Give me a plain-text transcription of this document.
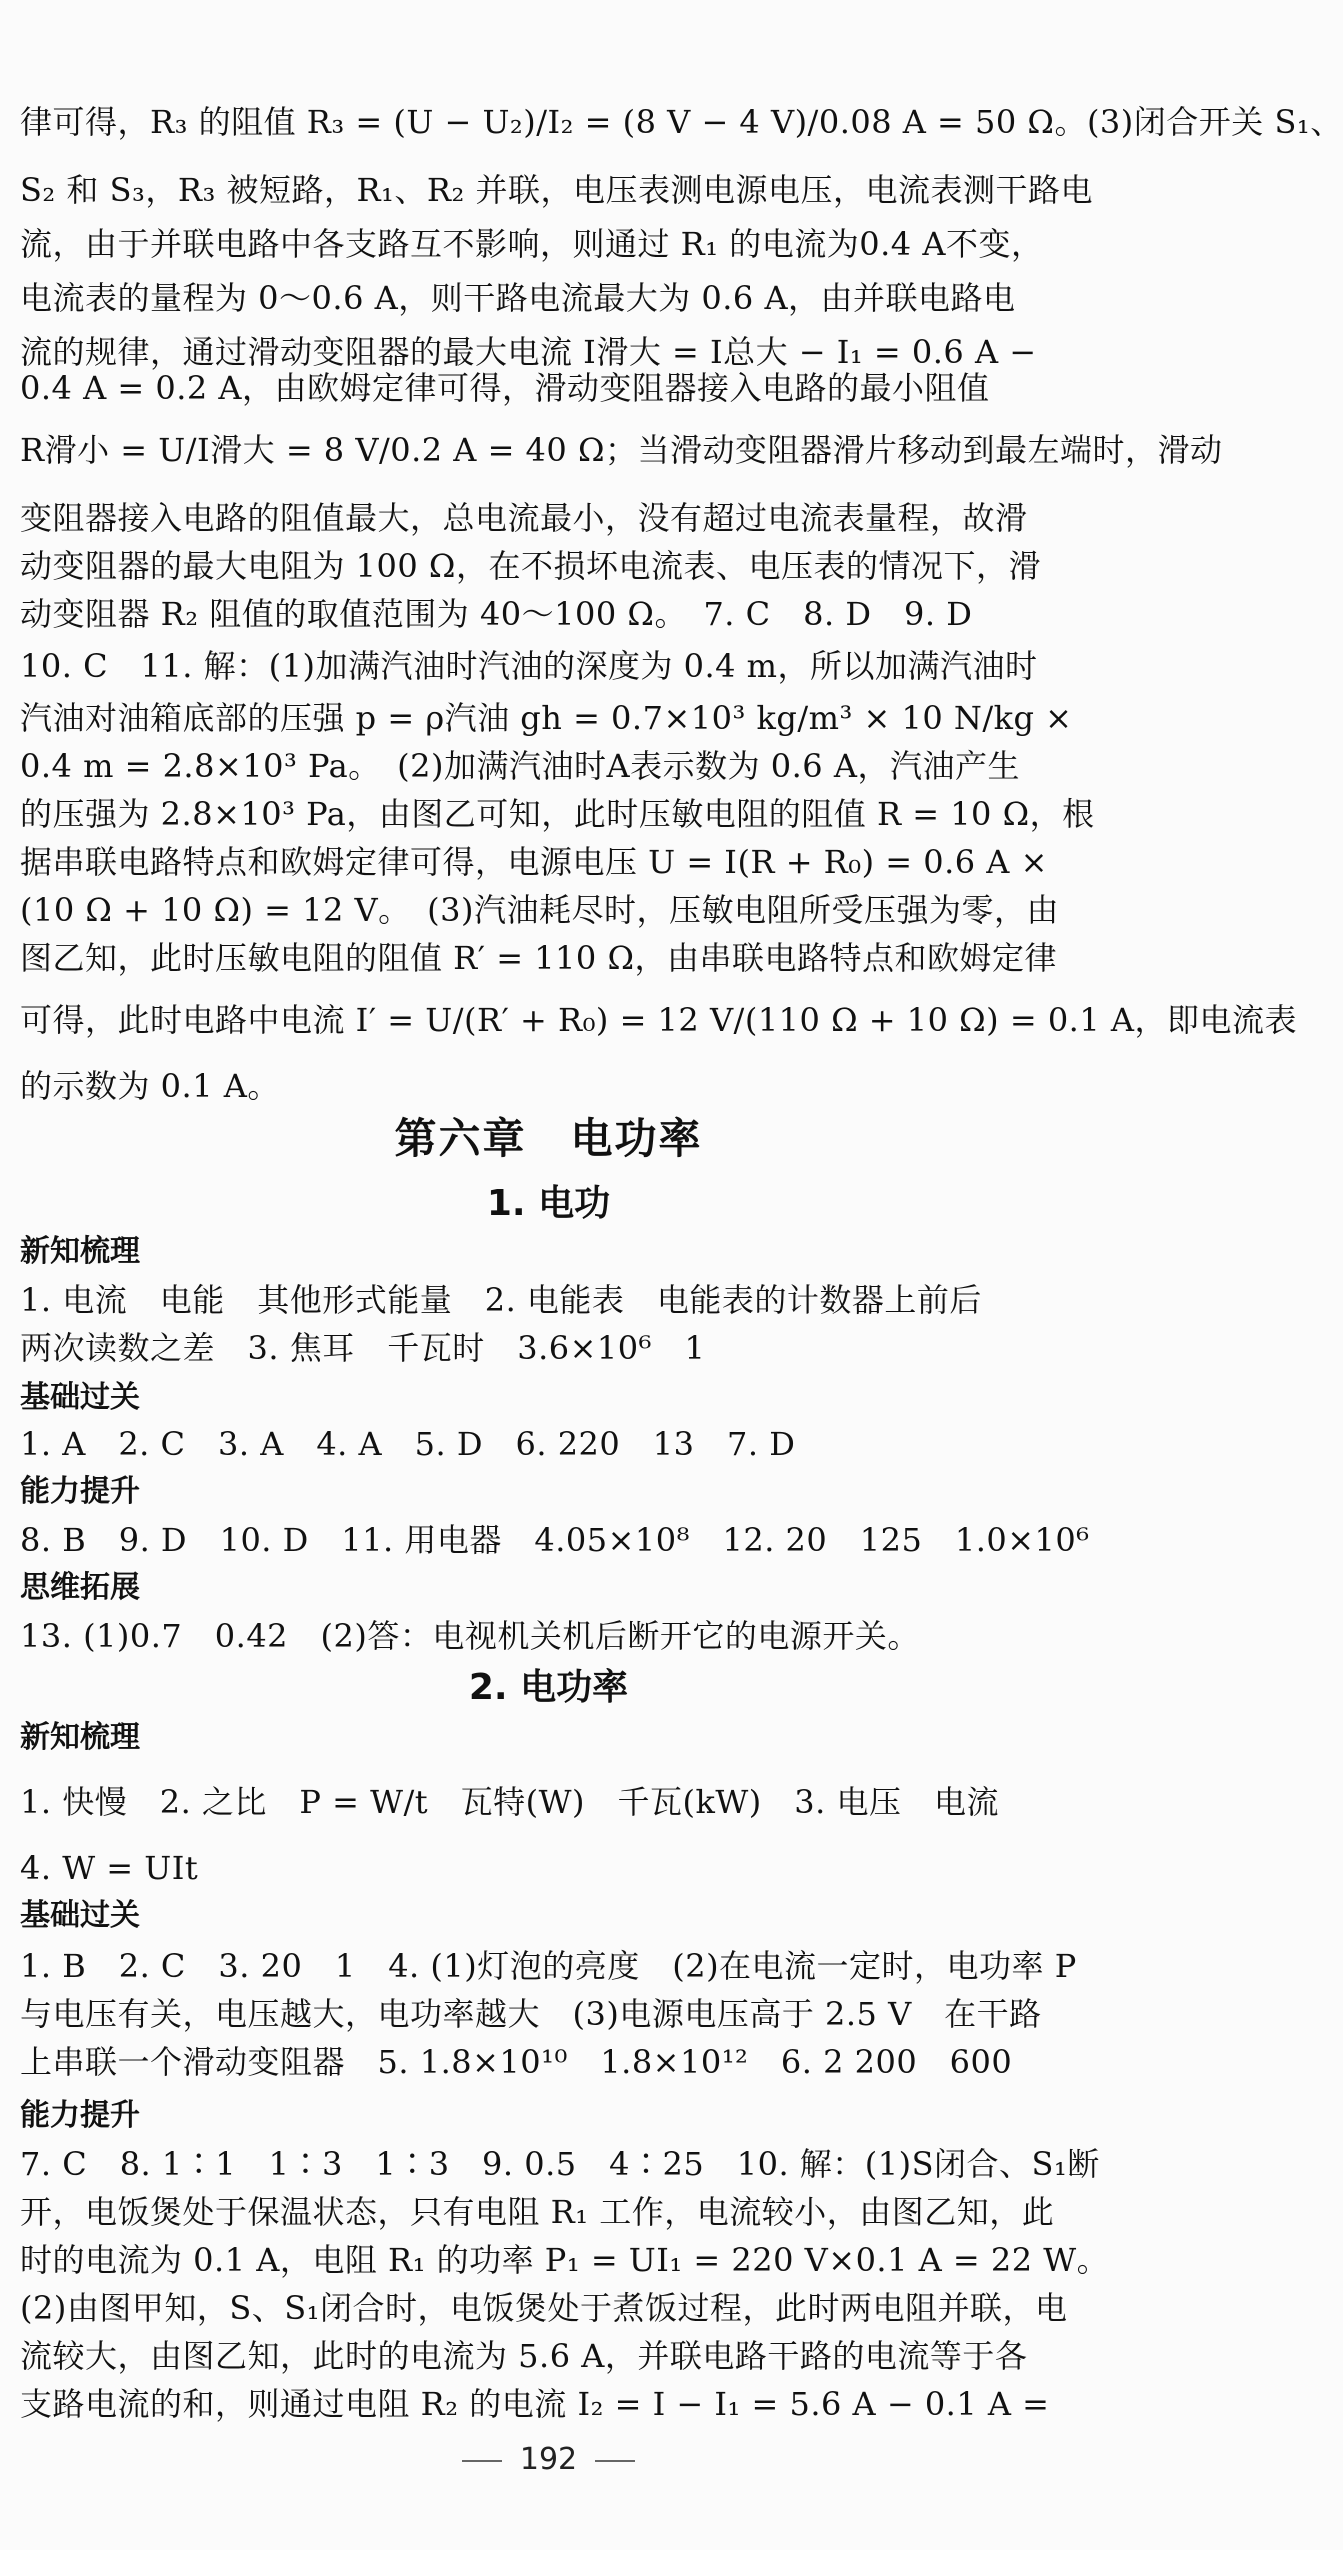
律可得，R₃ 的阻值 R₃ = (U − U₂)/I₂ = (8 V − 4 V)/0.08 A = 50 Ω。(3)闭合开关 S₁、
S₂ 和 S₃，R₃ 被短路，R₁、R₂ 并联，电压表测电源电压，电流表测干路电
流，由于并联电路中各支路互不影响，则通过 R₁ 的电流为0.4 A不变，
电流表的量程为 0～0.6 A，则干路电流最大为 0.6 A，由并联电路电
流的规律，通过滑动变阻器的最大电流 I滑大 = I总大 − I₁ = 0.6 A −
0.4 A = 0.2 A，由欧姆定律可得，滑动变阻器接入电路的最小阻值
R滑小 = U/I滑大 = 8 V/0.2 A = 40 Ω；当滑动变阻器滑片移动到最左端时，滑动
变阻器接入电路的阻值最大，总电流最小，没有超过电流表量程，故滑
动变阻器的最大电阻为 100 Ω，在不损坏电流表、电压表的情况下，滑
动变阻器 R₂ 阻值的取值范围为 40～100 Ω。　7. C　8. D　9. D
10. C　11. 解：(1)加满汽油时汽油的深度为 0.4 m，所以加满汽油时
汽油对油箱底部的压强 p = ρ汽油 gh = 0.7×10³ kg/m³ × 10 N/kg ×
0.4 m = 2.8×10³ Pa。　(2)加满汽油时A表示数为 0.6 A，汽油产生
的压强为 2.8×10³ Pa，由图乙可知，此时压敏电阻的阻值 R = 10 Ω，根
据串联电路特点和欧姆定律可得，电源电压 U = I(R + R₀) = 0.6 A ×
(10 Ω + 10 Ω) = 12 V。　(3)汽油耗尽时，压敏电阻所受压强为零，由
图乙知，此时压敏电阻的阻值 R′ = 110 Ω，由串联电路特点和欧姆定律
可得，此时电路中电流 I′ = U/(R′ + R₀) = 12 V/(110 Ω + 10 Ω) = 0.1 A，即电流表
的示数为 0.1 A。
第六章　电功率
1. 电功
新知梳理
1. 电流　电能　其他形式能量　2. 电能表　电能表的计数器上前后
两次读数之差　3. 焦耳　千瓦时　3.6×10⁶　1
基础过关
1. A　2. C　3. A　4. A　5. D　6. 220　13　7. D
能力提升
8. B　9. D　10. D　11. 用电器　4.05×10⁸　12. 20　125　1.0×10⁶
思维拓展
13. (1)0.7　0.42　(2)答：电视机关机后断开它的电源开关。
2. 电功率
新知梳理
1. 快慢　2. 之比　P = W/t　瓦特(W)　千瓦(kW)　3. 电压　电流
4. W = UIt
基础过关
1. B　2. C　3. 20　1　4. (1)灯泡的亮度　(2)在电流一定时，电功率 P
与电压有关，电压越大，电功率越大　(3)电源电压高于 2.5 V　在干路
上串联一个滑动变阻器　5. 1.8×10¹⁰　1.8×10¹²　6. 2 200　600
能力提升
7. C　8. 1∶1　1∶3　1∶3　9. 0.5　4∶25　10. 解：(1)S闭合、S₁断
开，电饭煲处于保温状态，只有电阻 R₁ 工作，电流较小，由图乙知，此
时的电流为 0.1 A，电阻 R₁ 的功率 P₁ = UI₁ = 220 V×0.1 A = 22 W。
(2)由图甲知，S、S₁闭合时，电饭煲处于煮饭过程，此时两电阻并联，电
流较大，由图乙知，此时的电流为 5.6 A，并联电路干路的电流等于各
支路电流的和，则通过电阻 R₂ 的电流 I₂ = I − I₁ = 5.6 A − 0.1 A =
192
